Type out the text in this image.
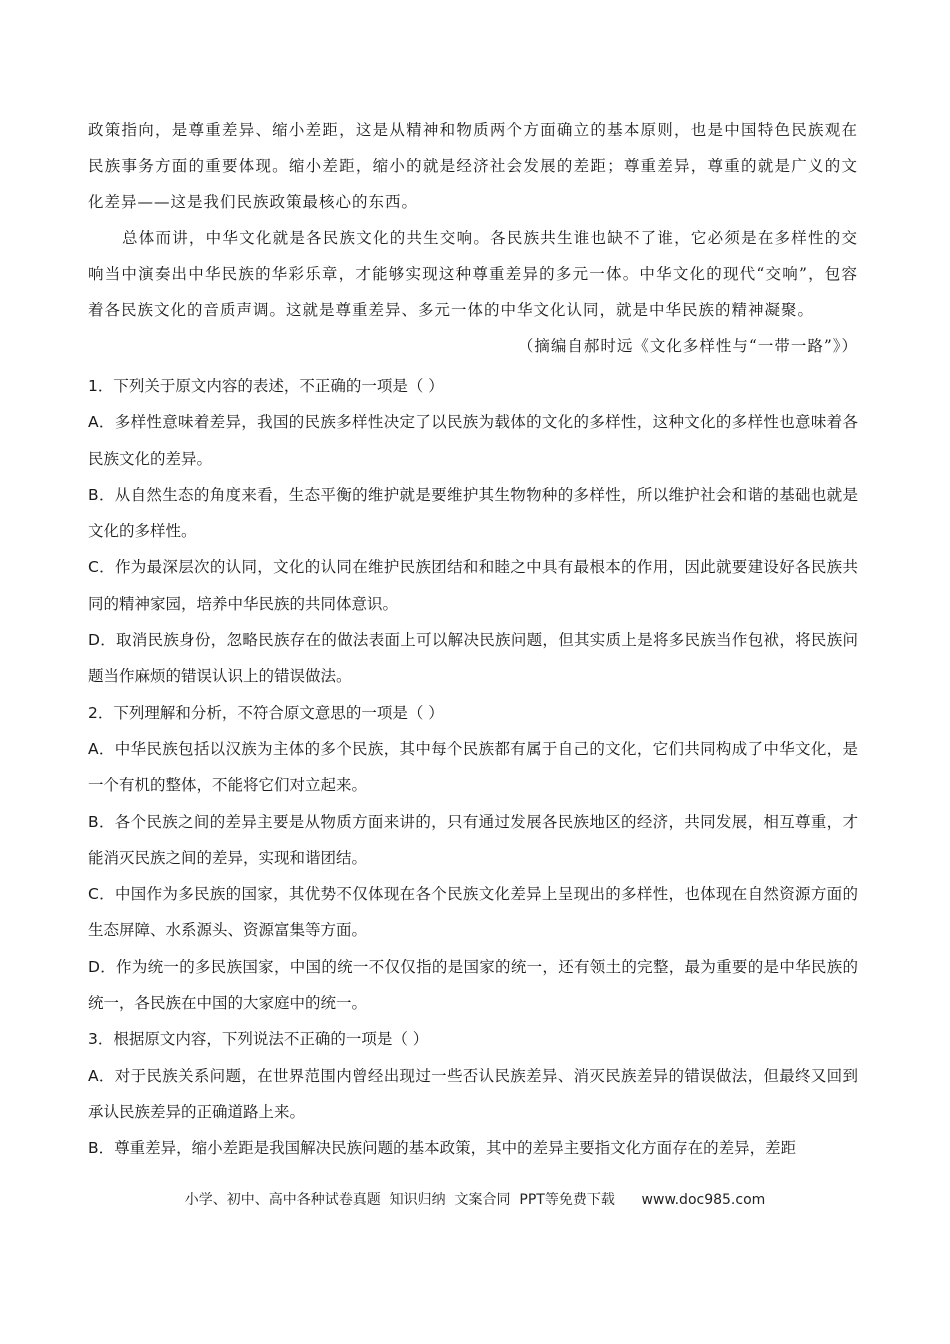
政策指向，是尊重差异、缩小差距，这是从精神和物质两个方面确立的基本原则，也是中国特色民族观在民族事务方面的重要体现。缩小差距，缩小的就是经济社会发展的差距；尊重差异，尊重的就是广义的文化差异——这是我们民族政策最核心的东西。

总体而讲，中华文化就是各民族文化的共生交响。各民族共生谁也缺不了谁，它必须是在多样性的交响当中演奏出中华民族的华彩乐章，才能够实现这种尊重差异的多元一体。中华文化的现代“交响”，包容着各民族文化的音质声调。这就是尊重差异、多元一体的中华文化认同，就是中华民族的精神凝聚。

（摘编自郝时远《文化多样性与“一带一路”》）

1．下列关于原文内容的表述，不正确的一项是（ ）

A．多样性意味着差异，我国的民族多样性决定了以民族为载体的文化的多样性，这种文化的多样性也意味着各民族文化的差异。

B．从自然生态的角度来看，生态平衡的维护就是要维护其生物物种的多样性，所以维护社会和谐的基础也就是文化的多样性。

C．作为最深层次的认同，文化的认同在维护民族团结和和睦之中具有最根本的作用，因此就要建设好各民族共同的精神家园，培养中华民族的共同体意识。

D．取消民族身份，忽略民族存在的做法表面上可以解决民族问题，但其实质上是将多民族当作包袱，将民族问题当作麻烦的错误认识上的错误做法。

2．下列理解和分析，不符合原文意思的一项是（ ）

A．中华民族包括以汉族为主体的多个民族，其中每个民族都有属于自己的文化，它们共同构成了中华文化，是一个有机的整体，不能将它们对立起来。

B．各个民族之间的差异主要是从物质方面来讲的，只有通过发展各民族地区的经济，共同发展，相互尊重，才能消灭民族之间的差异，实现和谐团结。

C．中国作为多民族的国家，其优势不仅体现在各个民族文化差异上呈现出的多样性，也体现在自然资源方面的生态屏障、水系源头、资源富集等方面。

D．作为统一的多民族国家，中国的统一不仅仅指的是国家的统一，还有领土的完整，最为重要的是中华民族的统一，各民族在中国的大家庭中的统一。

3．根据原文内容，下列说法不正确的一项是（ ）

A．对于民族关系问题，在世界范围内曾经出现过一些否认民族差异、消灭民族差异的错误做法，但最终又回到承认民族差异的正确道路上来。

B．尊重差异，缩小差距是我国解决民族问题的基本政策，其中的差异主要指文化方面存在的差异，差距

小学、初中、高中各种试卷真题  知识归纳  文案合同  PPT等免费下载      www.doc985.com
